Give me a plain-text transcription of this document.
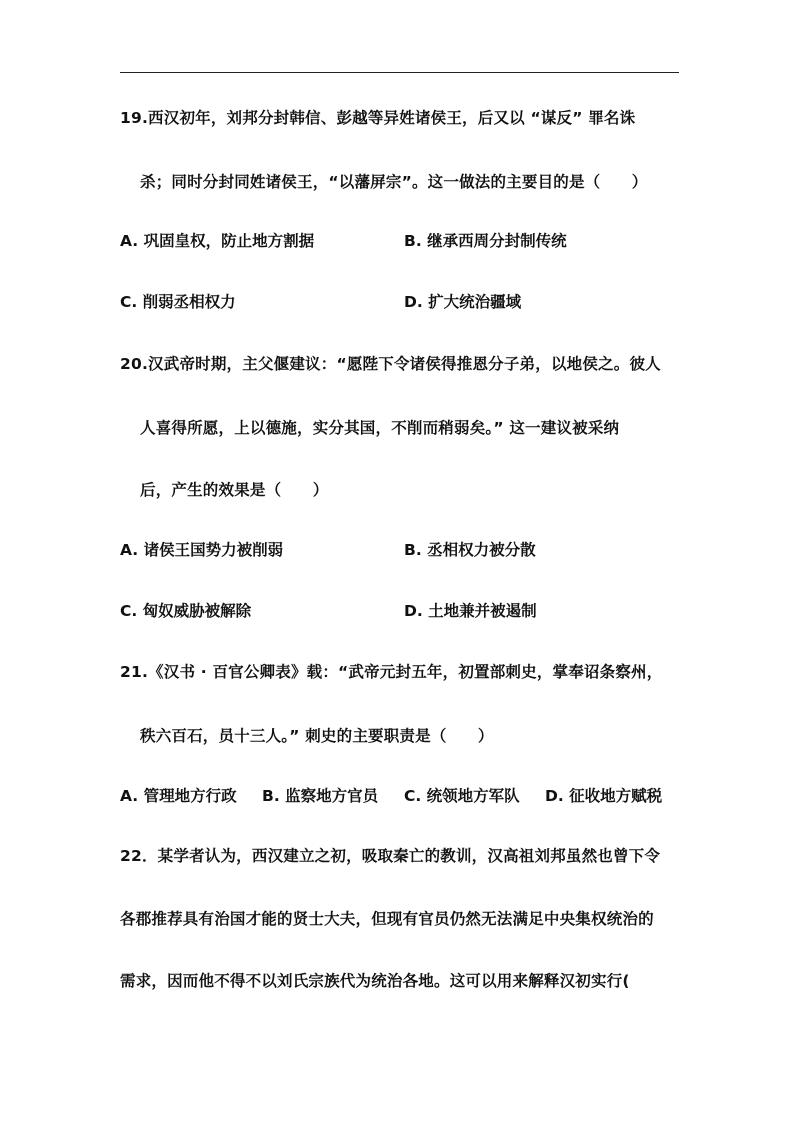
19.西汉初年，刘邦分封韩信、彭越等异姓诸侯王，后又以 “谋反” 罪名诛
杀；同时分封同姓诸侯王，“以藩屏宗”。这一做法的主要目的是（　　）
A. 巩固皇权，防止地方割据	B. 继承西周分封制传统
C. 削弱丞相权力	D. 扩大统治疆域
20.汉武帝时期，主父偃建议：“愿陛下令诸侯得推恩分子弟，以地侯之。彼人
人喜得所愿，上以德施，实分其国，不削而稍弱矣。” 这一建议被采纳
后，产生的效果是（　　）
A. 诸侯王国势力被削弱	B. 丞相权力被分散
C. 匈奴威胁被解除	D. 土地兼并被遏制
21.《汉书 · 百官公卿表》载：“武帝元封五年，初置部刺史，掌奉诏条察州，
秩六百石，员十三人。” 刺史的主要职责是（　　）
A. 管理地方行政 B. 监察地方官员 C. 统领地方军队 D. 征收地方赋税
22．某学者认为，西汉建立之初，吸取秦亡的教训，汉高祖刘邦虽然也曾下令
各郡推荐具有治国才能的贤士大夫，但现有官员仍然无法满足中央集权统治的
需求，因而他不得不以刘氏宗族代为统治各地。这可以用来解释汉初实行(
